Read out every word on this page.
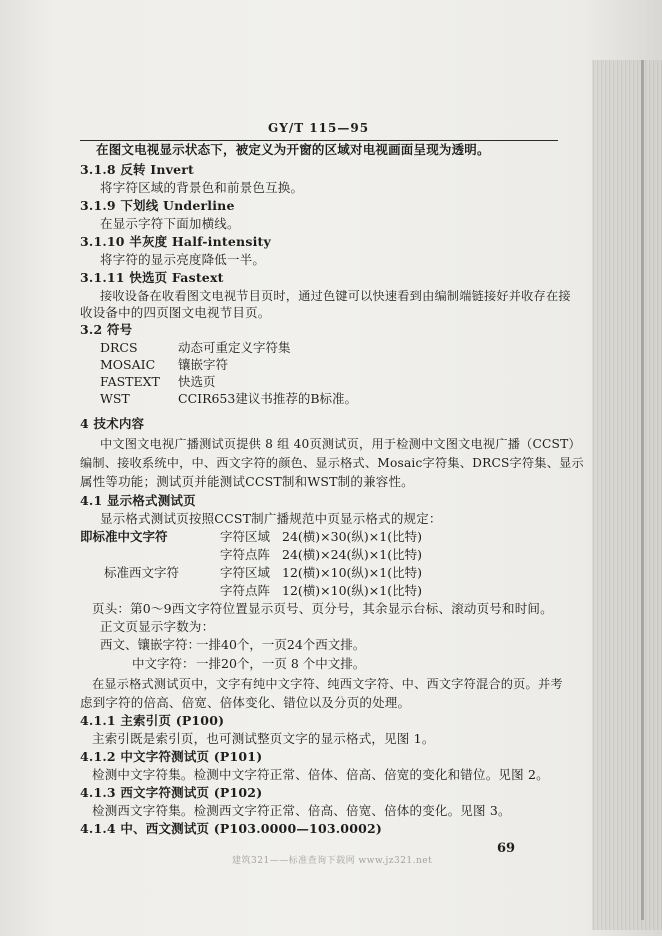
GY/T 115—95
在图文电视显示状态下，被定义为开窗的区域对电视画面呈现为透明。
3.1.8 反转 Invert
将字符区域的背景色和前景色互换。
3.1.9 下划线 Underline
在显示字符下面加横线。
3.1.10 半灰度 Half-intensity
将字符的显示亮度降低一半。
3.1.11 快选页 Fastext
接收设备在收看图文电视节目页时，通过色键可以快速看到由编制端链接好并收存在接
收设备中的四页图文电视节目页。
3.2 符号
DRCS	动态可重定义字符集
MOSAIC 镶嵌字符
FASTEXT 快选页
WST	CCIR653建议书推荐的B标准。
4 技术内容
中文图文电视广播测试页提供 8 组 40页测试页，用于检测中文图文电视广播（CCST）
编制、接收系统中，中、西文字符的颜色、显示格式、Mosaic字符集、DRCS字符集、显示
属性等功能；测试页并能测试CCST制和WST制的兼容性。
4.1 显示格式测试页
显示格式测试页按照CCST制广播规范中页显示格式的规定：
即标准中文字符	字符区域 24(横)×30(纵)×1(比特)
字符点阵 24(横)×24(纵)×1(比特)
标准西文字符	字符区域 12(横)×10(纵)×1(比特)
字符点阵 12(横)×10(纵)×1(比特)
页头：第0～9西文字符位置显示页号、页分号，其余显示台标、滚动页号和时间。
正文页显示字数为：
西文、镶嵌字符：
一排40个，一页24个西文排。
中文字符： 一排20个，一页 8 个中文排。
在显示格式测试页中，文字有纯中文字符、纯西文字符、中、西文字符混合的页。并考
虑到字符的倍高、倍宽、倍体变化、错位以及分页的处理。
4.1.1 主索引页 (P100)
主索引既是索引页，也可测试整页文字的显示格式，见图 1。
4.1.2 中文字符测试页 (P101)
检测中文字符集。检测中文字符正常、倍体、倍高、倍宽的变化和错位。见图 2。
4.1.3 西文字符测试页 (P102)
检测西文字符集。检测西文字符正常、倍高、倍宽、倍体的变化。见图 3。
4.1.4 中、西文测试页 (P103.0000—103.0002)
69
建筑321——标准查询下载网 www.jz321.net
